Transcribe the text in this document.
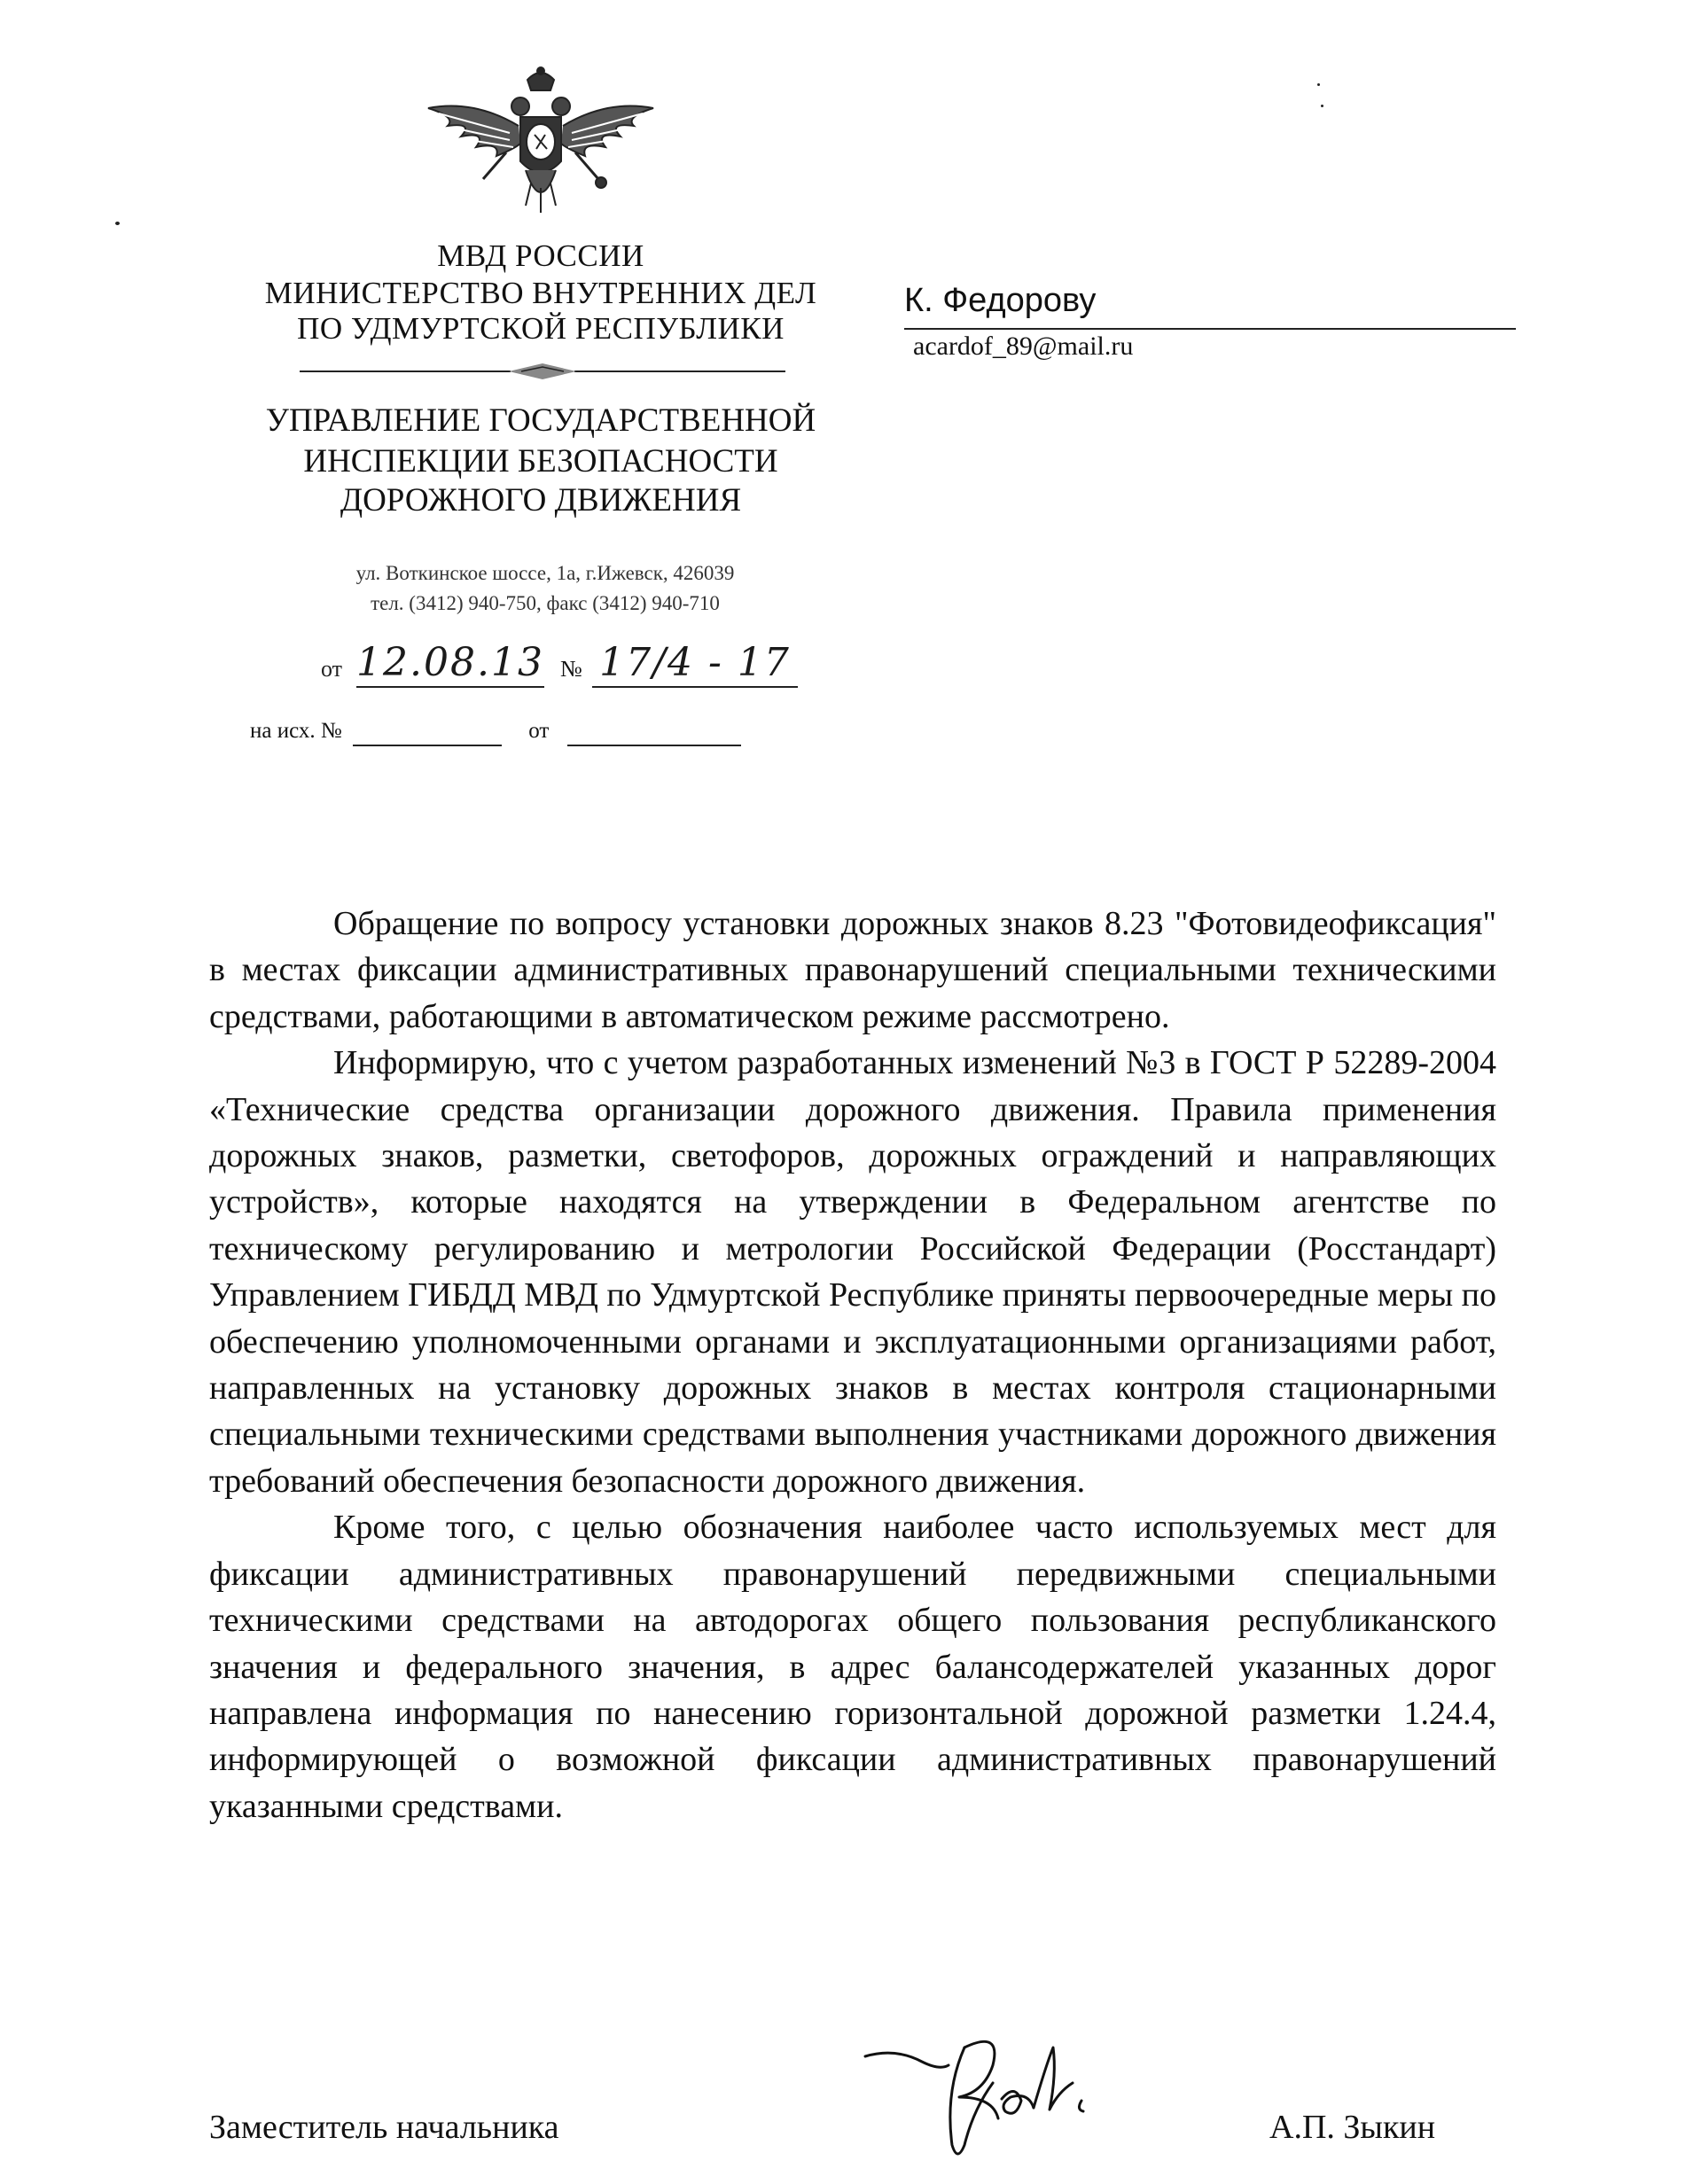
МВД РОССИИ
МИНИСТЕРСТВО ВНУТРЕННИХ ДЕЛ
ПО УДМУРТСКОЙ РЕСПУБЛИКИ
УПРАВЛЕНИЕ ГОСУДАРСТВЕННОЙ
ИНСПЕКЦИИ БЕЗОПАСНОСТИ
ДОРОЖНОГО ДВИЖЕНИЯ
ул. Воткинское шоссе, 1а, г.Ижевск, 426039
тел. (3412) 940-750, факс (3412) 940-710
от 12.08.13 № 17/4 - 17
на исх. №	от
К. Федорову
acardof_89@mail.ru

Обращение по вопросу установки дорожных знаков 8.23 "Фотовидеофиксация" в местах фиксации административных правонарушений специальными техническими средствами, работающими в автоматическом режиме рассмотрено.

Информирую, что с учетом разработанных изменений №3 в ГОСТ Р 52289-2004 «Технические средства организации дорожного движения. Правила применения дорожных знаков, разметки, светофоров, дорожных ограждений и направляющих устройств», которые находятся на утверждении в Федеральном агентстве по техническому регулированию и метрологии Российской Федерации (Росстандарт) Управлением ГИБДД МВД по Удмуртской Республике приняты первоочередные меры по обеспечению уполномоченными органами и эксплуатационными организациями работ, направленных на установку дорожных знаков в местах контроля стационарными специальными техническими средствами выполнения участниками дорожного движения требований обеспечения безопасности дорожного движения.

Кроме того, с целью обозначения наиболее часто используемых мест для фиксации административных правонарушений передвижными специальными техническими средствами на автодорогах общего пользования республиканского значения и федерального значения, в адрес балансодержателей указанных дорог направлена информация по нанесению горизонтальной дорожной разметки 1.24.4, информирующей о возможной фиксации административных правонарушений указанными средствами.

Заместитель начальника	А.П. Зыкин
